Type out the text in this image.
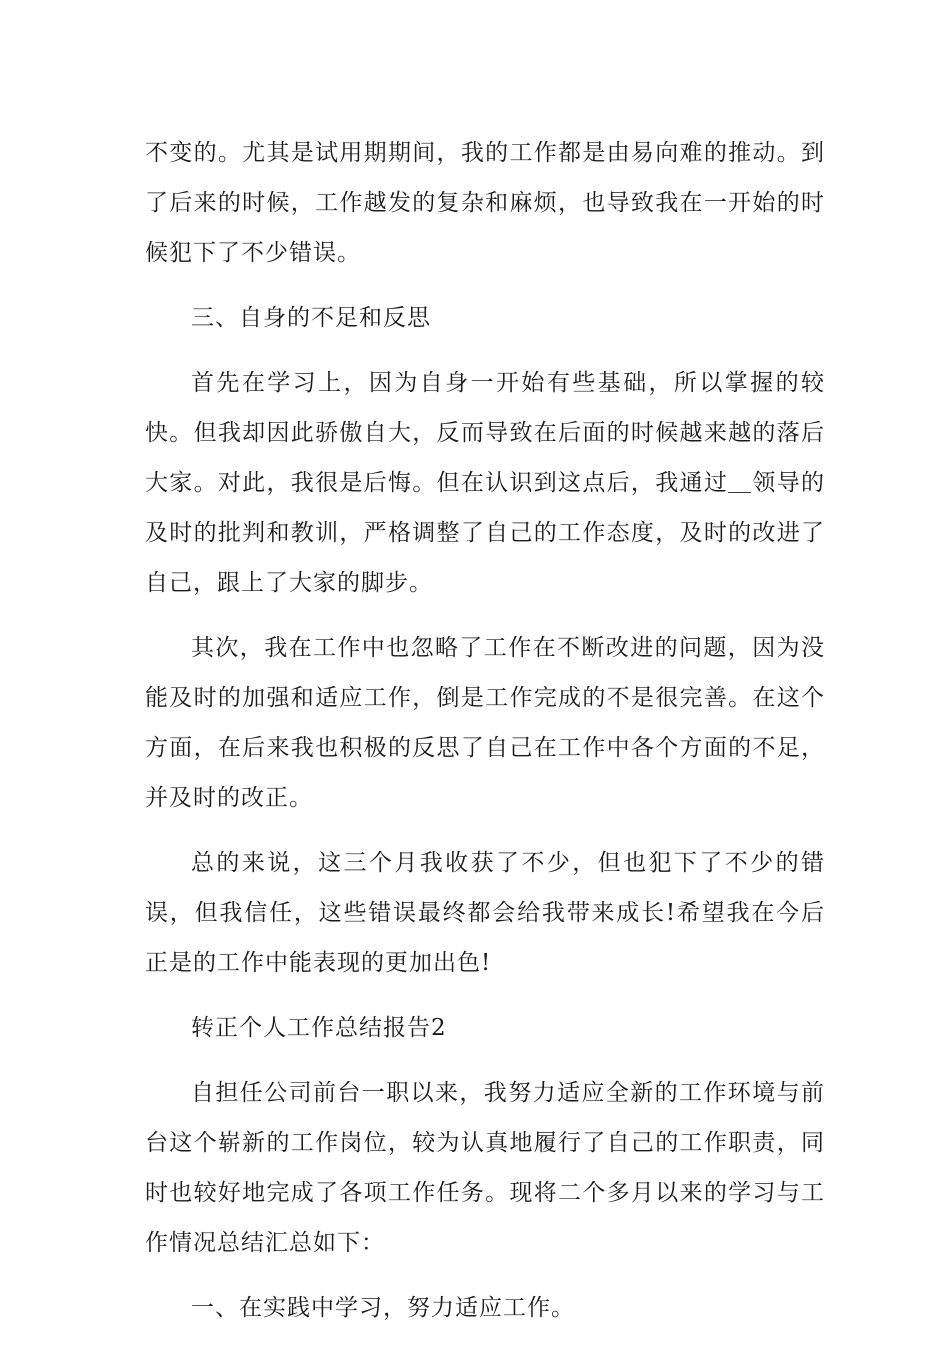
不变的。尤其是试用期期间，我的工作都是由易向难的推动。到了后来的时候，工作越发的复杂和麻烦，也导致我在一开始的时候犯下了不少错误。

三、自身的不足和反思

首先在学习上，因为自身一开始有些基础，所以掌握的较快。但我却因此骄傲自大，反而导致在后面的时候越来越的落后大家。对此，我很是后悔。但在认识到这点后，我通过＿领导的及时的批判和教训，严格调整了自己的工作态度，及时的改进了自己，跟上了大家的脚步。

其次，我在工作中也忽略了工作在不断改进的问题，因为没能及时的加强和适应工作，倒是工作完成的不是很完善。在这个方面，在后来我也积极的反思了自己在工作中各个方面的不足，并及时的改正。

总的来说，这三个月我收获了不少，但也犯下了不少的错误，但我信任，这些错误最终都会给我带来成长!希望我在今后正是的工作中能表现的更加出色!

转正个人工作总结报告2

自担任公司前台一职以来，我努力适应全新的工作环境与前台这个崭新的工作岗位，较为认真地履行了自己的工作职责，同时也较好地完成了各项工作任务。现将二个多月以来的学习与工作情况总结汇总如下：

一、在实践中学习，努力适应工作。
